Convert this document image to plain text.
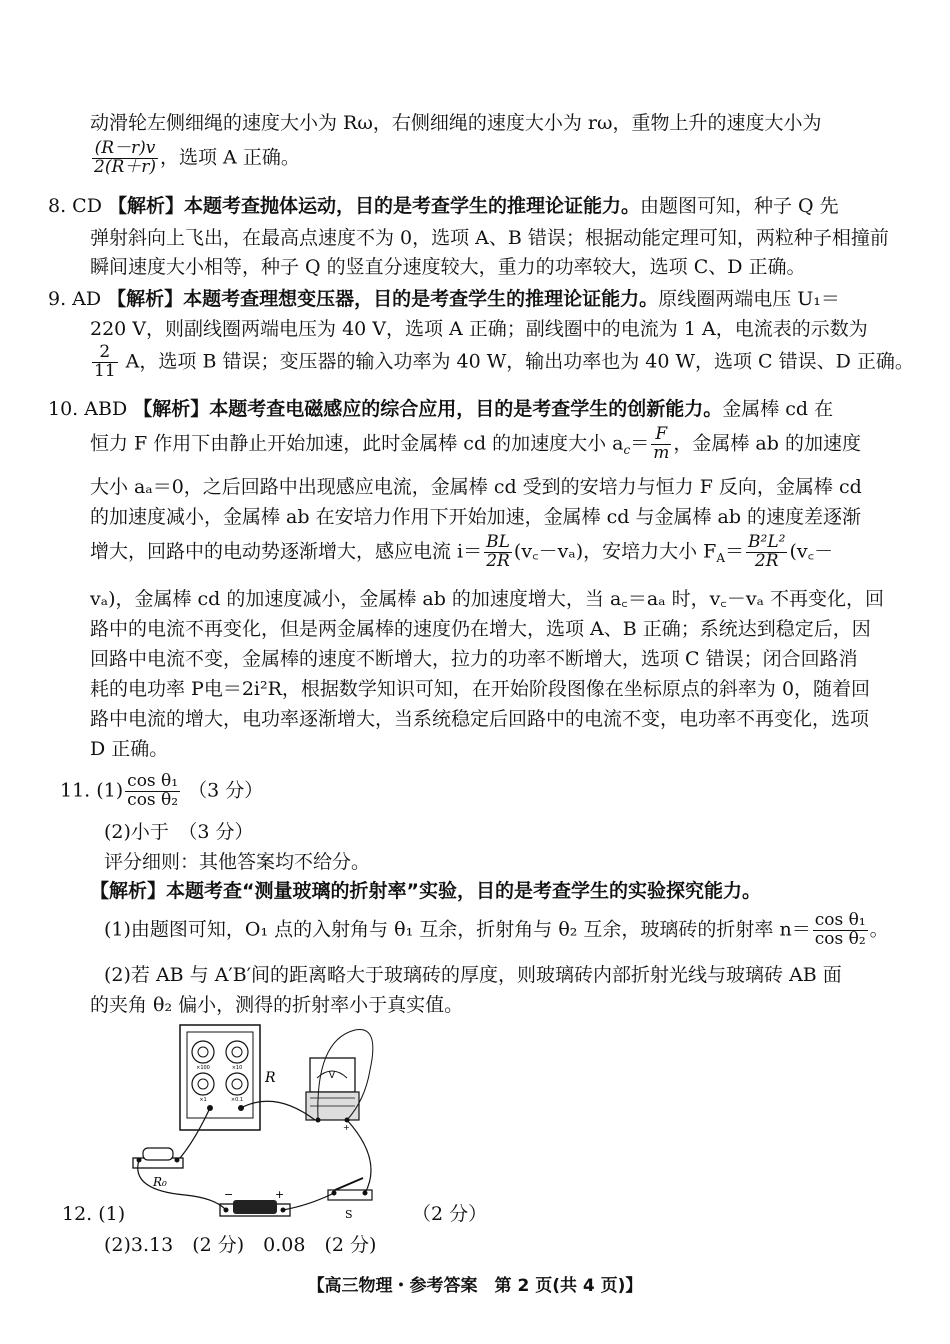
动滑轮左侧细绳的速度大小为 Rω，右侧细绳的速度大小为 rω，重物上升的速度大小为
$\frac{(R-r)v}{2(R+r)}$ ，选项 A 正确。
8. CD 【解析】本题考查抛体运动，目的是考查学生的推理论证能力。由题图可知，种子 Q 先
弹射斜向上飞出，在最高点速度不为 0，选项 A、B 错误；根据动能定理可知，两粒种子相撞前
瞬间速度大小相等，种子 Q 的竖直分速度较大，重力的功率较大，选项 C、D 正确。
9. AD 【解析】本题考查理想变压器，目的是考查学生的推理论证能力。原线圈两端电压 U₁＝
220 V，则副线圈两端电压为 40 V，选项 A 正确；副线圈中的电流为 1 A，电流表的示数为
$\frac{2}{11}$ A，选项 B 错误；变压器的输入功率为 40 W，输出功率也为 40 W，选项 C 错误、D 正确。
10. ABD 【解析】本题考查电磁感应的综合应用，目的是考查学生的创新能力。金属棒 cd 在
恒力 F 作用下由静止开始加速，此时金属棒 cd 的加速度大小 $a_c= \frac{F}{m}$ ，金属棒 ab 的加速度
大小 aₐ＝0，之后回路中出现感应电流，金属棒 cd 受到的安培力与恒力 F 反向，金属棒 cd
的加速度减小，金属棒 ab 在安培力作用下开始加速，金属棒 cd 与金属棒 ab 的速度差逐渐
增大，回路中的电动势逐渐增大，感应电流 $i= \frac{BL}{2R}$ (v꜀－vₐ)，安培力大小 $F_A= \frac{\text{B²L²}}{2R}$ (v꜀－
vₐ)，金属棒 cd 的加速度减小，金属棒 ab 的加速度增大，当 a꜀＝aₐ 时，v꜀－vₐ 不再变化，回
路中的电流不再变化，但是两金属棒的速度仍在增大，选项 A、B 正确；系统达到稳定后，因
回路中电流不变，金属棒的速度不断增大，拉力的功率不断增大，选项 C 错误；闭合回路消
耗的电功率 P电＝2i²R，根据数学知识可知，在开始阶段图像在坐标原点的斜率为 0，随着回
路中电流的增大，电功率逐渐增大，当系统稳定后回路中的电流不变，电功率不再变化，选项
D 正确。
11. $(1) \frac{\text{cos θ₁}}{\text{cos θ₂}} (3$ 分）
(2)小于　（3 分）
评分细则：其他答案均不给分。
【解析】本题考查“测量玻璃的折射率”实验，目的是考查学生的实验探究能力。
(1)由题图可知，O₁ 点的入射角与 θ₁ 互余，折射角与 θ₂ 互余，玻璃砖的折射率 $n= \frac{\text{cos θ₁}}{\text{cos θ₂}}$ 。
(2)若 AB 与 A′B′间的距离略大于玻璃砖的厚度，则玻璃砖内部折射光线与玻璃砖 AB 面
的夹角 θ₂ 偏小，测得的折射率小于真实值。
×100	×10
×1	×0.1
R	V
+
R₀
−	+
S
12. (1)	（2 分）
(2)3.13　(2 分)　0.08　(2 分)
【高三物理・参考答案　第 2 页(共 4 页)】
